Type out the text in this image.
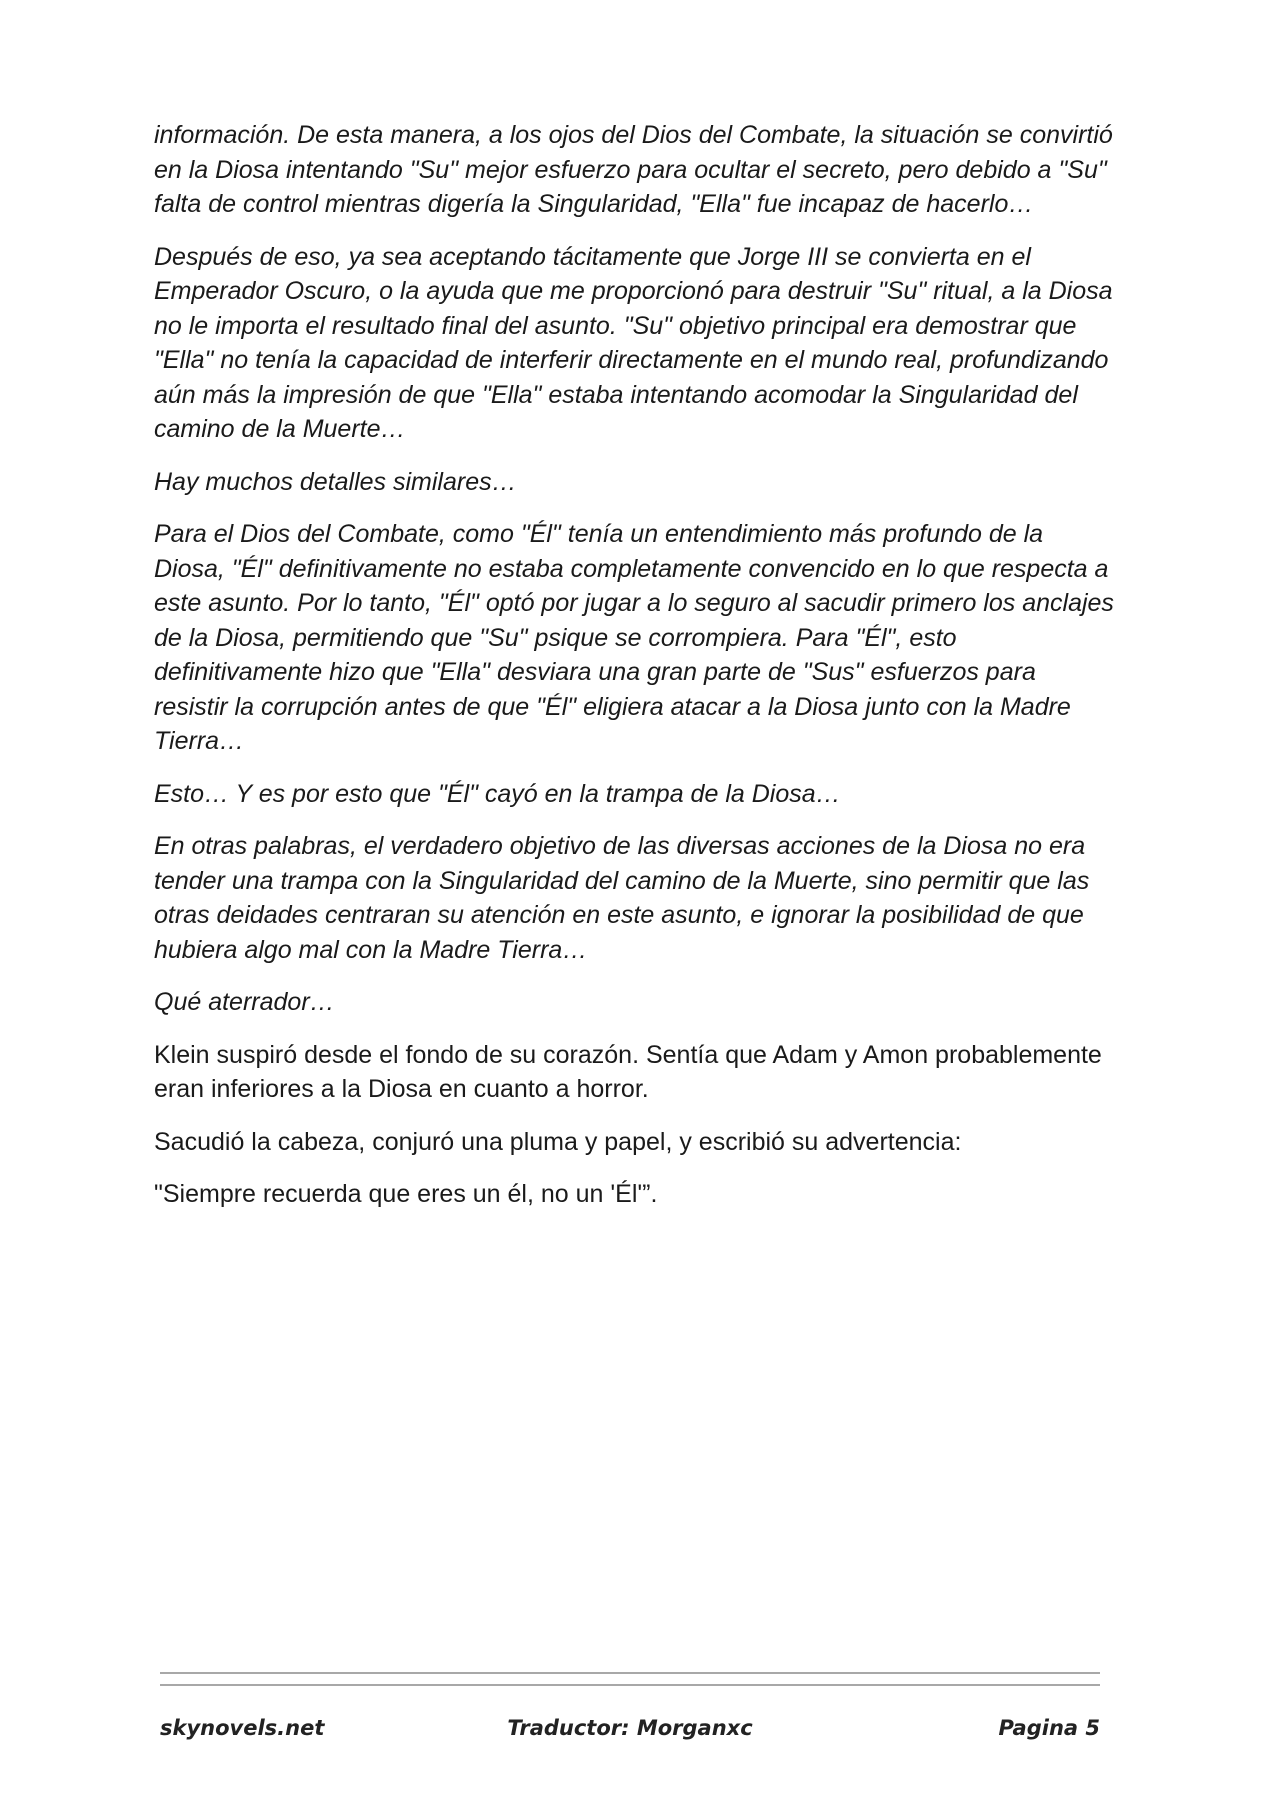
información. De esta manera, a los ojos del Dios del Combate, la situación se convirtió en la Diosa intentando "Su" mejor esfuerzo para ocultar el secreto, pero debido a "Su" falta de control mientras digería la Singularidad, "Ella" fue incapaz de hacerlo…

Después de eso, ya sea aceptando tácitamente que Jorge III se convierta en el Emperador Oscuro, o la ayuda que me proporcionó para destruir "Su" ritual, a la Diosa no le importa el resultado final del asunto. "Su" objetivo principal era demostrar que "Ella" no tenía la capacidad de interferir directamente en el mundo real, profundizando aún más la impresión de que "Ella" estaba intentando acomodar la Singularidad del camino de la Muerte…

Hay muchos detalles similares…

Para el Dios del Combate, como "Él" tenía un entendimiento más profundo de la Diosa, "Él" definitivamente no estaba completamente convencido en lo que respecta a este asunto. Por lo tanto, "Él" optó por jugar a lo seguro al sacudir primero los anclajes de la Diosa, permitiendo que "Su" psique se corrompiera. Para "Él", esto definitivamente hizo que "Ella" desviara una gran parte de "Sus" esfuerzos para resistir la corrupción antes de que "Él" eligiera atacar a la Diosa junto con la Madre Tierra…

Esto… Y es por esto que "Él" cayó en la trampa de la Diosa…

En otras palabras, el verdadero objetivo de las diversas acciones de la Diosa no era tender una trampa con la Singularidad del camino de la Muerte, sino permitir que las otras deidades centraran su atención en este asunto, e ignorar la posibilidad de que hubiera algo mal con la Madre Tierra…

Qué aterrador…

Klein suspiró desde el fondo de su corazón. Sentía que Adam y Amon probablemente eran inferiores a la Diosa en cuanto a horror.

Sacudió la cabeza, conjuró una pluma y papel, y escribió su advertencia:

"Siempre recuerda que eres un él, no un 'Él'”.

skynovels.net	Traductor: Morganxc	Pagina 5
